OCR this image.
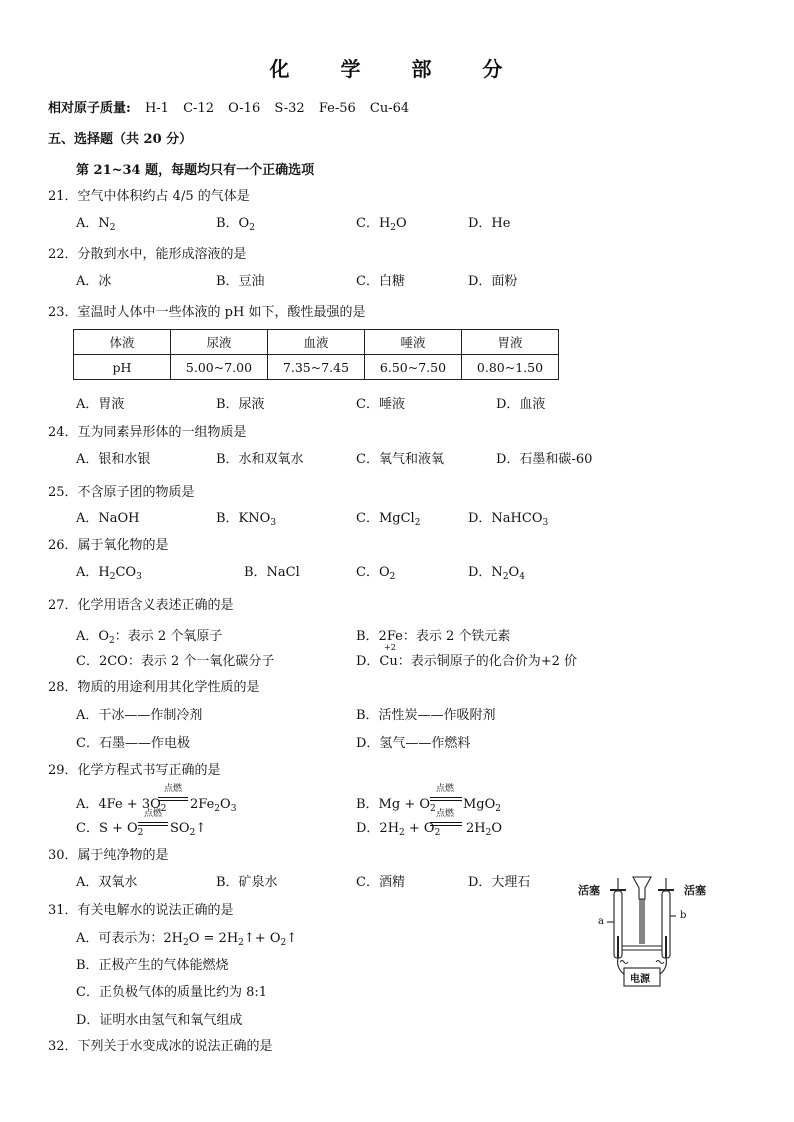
化 学 部 分
相对原子质量: H-1 C-12 O-16 S-32 Fe-56 Cu-64
五、选择题（共 20 分）
第 21~34 题，每题均只有一个正确选项
21．空气中体积约占 4/5 的气体是
A．$N_2$	B．$O_2$	C．$H_2O$	D．He
22．分散到水中，能形成溶液的是
A．冰	B．豆油	C．白糖	D．面粉
23．室温时人体中一些体液的 pH 如下，酸性最强的是
体液	尿液	血液	唾液	胃液
pH	5.00~7.00	7.35~7.45	6.50~7.50	0.80~1.50
A．胃液	B．尿液	C．唾液	D．血液
24．互为同素异形体的一组物质是
A．银和水银	B．水和双氧水	C．氧气和液氧	D．石墨和碳-60
25．不含原子团的物质是
A．NaOH	B．$KNO_3$	C．MgCl$_2$	D．NaHCO$_3$
26．属于氧化物的是
A．$H_2CO_3$	B．NaCl	C．$O_2$	D．$N_2O_4$
27．化学用语含义表述正确的是
A．$O_2$：表示 2 个氧原子	B．2Fe：表示 2 个铁元素
C．2CO：表示 2 个一氧化碳分子
+2
D．Cu：表示铜原子的化合价为+2 价
28．物质的用途利用其化学性质的是
A．干冰——作制冷剂	B．活性炭——作吸附剂
C．石墨——作电极	D．氢气——作燃料
29．化学方程式书写正确的是
A．$4Fe + 3O_2$
点燃
$2Fe_2O_3$	B．$Mg + O_2$
点燃
MgO$_2$
C．$S + O_2$
点燃
$SO_2↑$	D．$2H_2 + O_2$
点燃
$2H_2O$
30．属于纯净物的是
A．双氧水	B．矿泉水	C．酒精	D．大理石
31．有关电解水的说法正确的是
A．可表示为：$2H_2O$ = $2H_2↑+$ $O_2↑$
B．正极产生的气体能燃烧
C．正负极气体的质量比约为 8:1
D．证明水由氢气和氧气组成
活塞	活塞
a
b
电源
32．下列关于水变成冰的说法正确的是
